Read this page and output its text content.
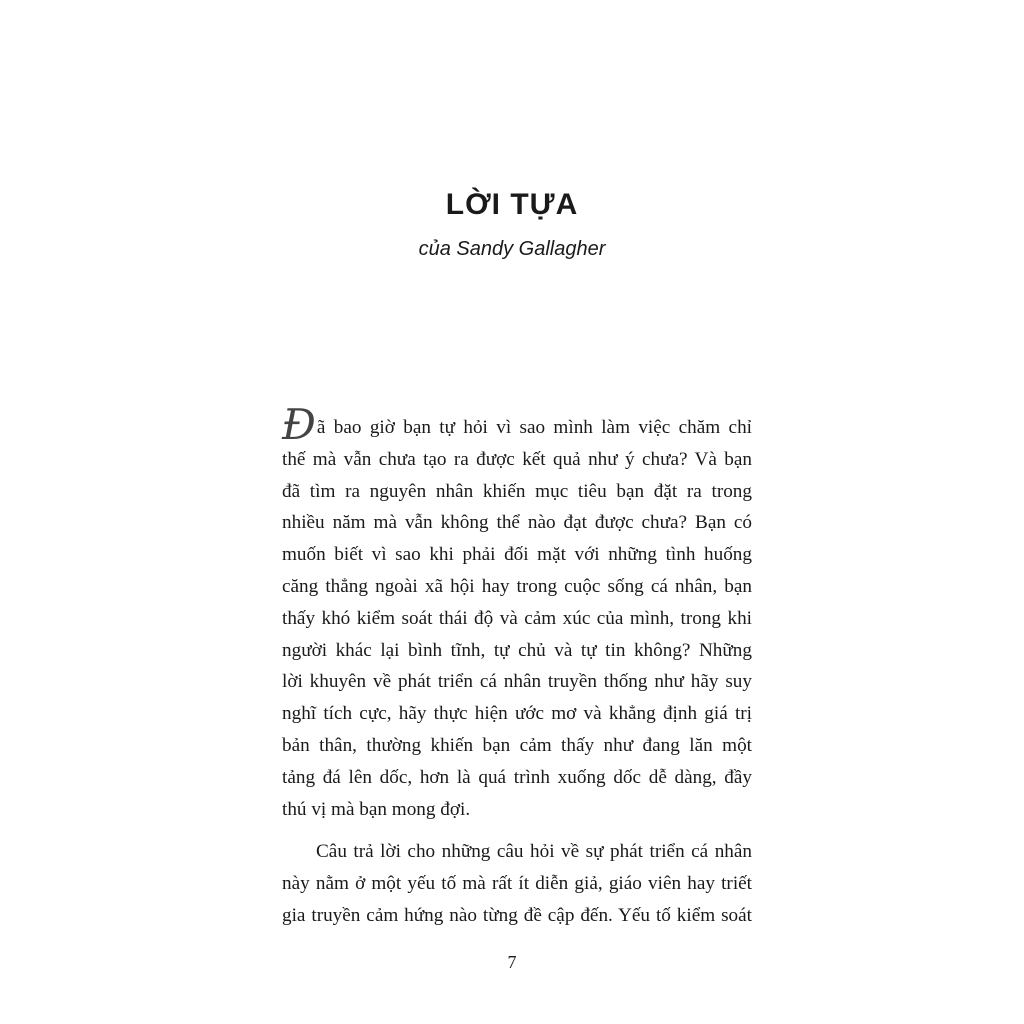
LỜI TỰA

của Sandy Gallagher

Đã bao giờ bạn tự hỏi vì sao mình làm việc chăm chỉ
thế mà vẫn chưa tạo ra được kết quả như ý chưa? Và bạn
đã tìm ra nguyên nhân khiến mục tiêu bạn đặt ra trong
nhiều năm mà vẫn không thể nào đạt được chưa? Bạn có
muốn biết vì sao khi phải đối mặt với những tình huống
căng thẳng ngoài xã hội hay trong cuộc sống cá nhân, bạn
thấy khó kiểm soát thái độ và cảm xúc của mình, trong khi
người khác lại bình tĩnh, tự chủ và tự tin không? Những
lời khuyên về phát triển cá nhân truyền thống như hãy suy
nghĩ tích cực, hãy thực hiện ước mơ và khẳng định giá trị
bản thân, thường khiến bạn cảm thấy như đang lăn một
tảng đá lên dốc, hơn là quá trình xuống dốc dễ dàng, đầy
thú vị mà bạn mong đợi.
Câu trả lời cho những câu hỏi về sự phát triển cá nhân
này nằm ở một yếu tố mà rất ít diễn giả, giáo viên hay triết
gia truyền cảm hứng nào từng đề cập đến. Yếu tố kiểm soát

7
